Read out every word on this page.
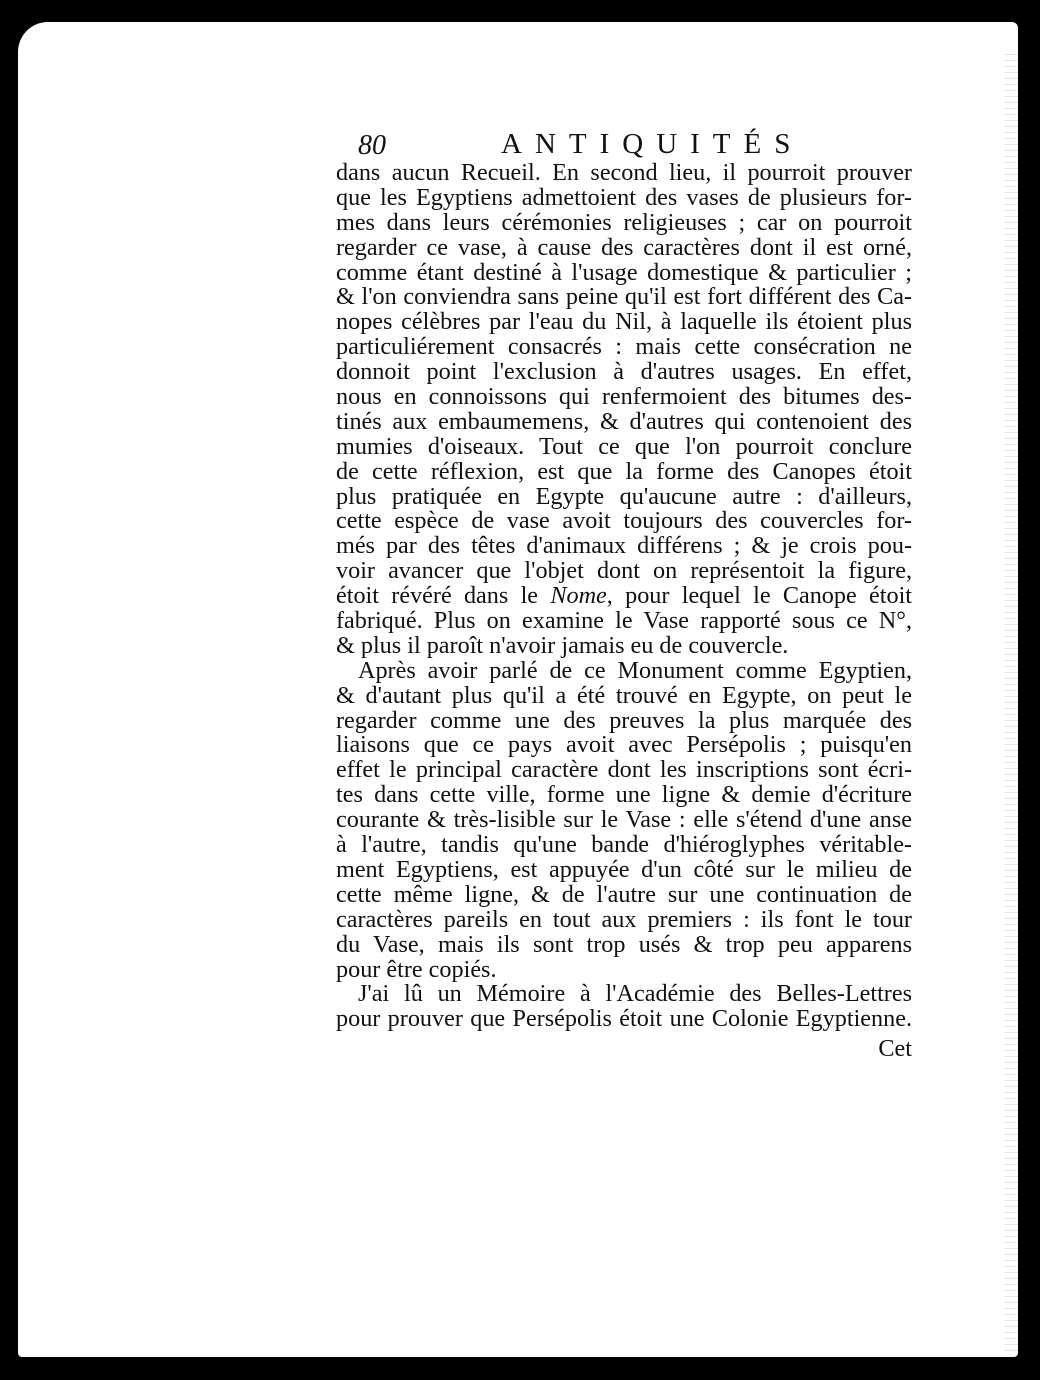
80	ANTIQUITÉS
dans aucun Recueil. En second lieu, il pourroit prouver
que les Egyptiens admettoient des vases de plusieurs for-
mes dans leurs cérémonies religieuses ; car on pourroit
regarder ce vase, à cause des caractères dont il est orné,
comme étant destiné à l'usage domestique & particulier ;
& l'on conviendra sans peine qu'il est fort différent des Ca-
nopes célèbres par l'eau du Nil, à laquelle ils étoient plus
particuliérement consacrés : mais cette consécration ne
donnoit point l'exclusion à d'autres usages. En effet,
nous en connoissons qui renfermoient des bitumes des-
tinés aux embaumemens, & d'autres qui contenoient des
mumies d'oiseaux. Tout ce que l'on pourroit conclure
de cette réflexion, est que la forme des Canopes étoit
plus pratiquée en Egypte qu'aucune autre : d'ailleurs,
cette espèce de vase avoit toujours des couvercles for-
més par des têtes d'animaux différens ; & je crois pou-
voir avancer que l'objet dont on représentoit la figure,
étoit révéré dans le Nome, pour lequel le Canope étoit
fabriqué. Plus on examine le Vase rapporté sous ce N°,
& plus il paroît n'avoir jamais eu de couvercle.
Après avoir parlé de ce Monument comme Egyptien,
& d'autant plus qu'il a été trouvé en Egypte, on peut le
regarder comme une des preuves la plus marquée des
liaisons que ce pays avoit avec Persépolis ; puisqu'en
effet le principal caractère dont les inscriptions sont écri-
tes dans cette ville, forme une ligne & demie d'écriture
courante & très-lisible sur le Vase : elle s'étend d'une anse
à l'autre, tandis qu'une bande d'hiéroglyphes véritable-
ment Egyptiens, est appuyée d'un côté sur le milieu de
cette même ligne, & de l'autre sur une continuation de
caractères pareils en tout aux premiers : ils font le tour
du Vase, mais ils sont trop usés & trop peu apparens
pour être copiés.
J'ai lû un Mémoire à l'Académie des Belles-Lettres
pour prouver que Persépolis étoit une Colonie Egyptienne.
Cet
